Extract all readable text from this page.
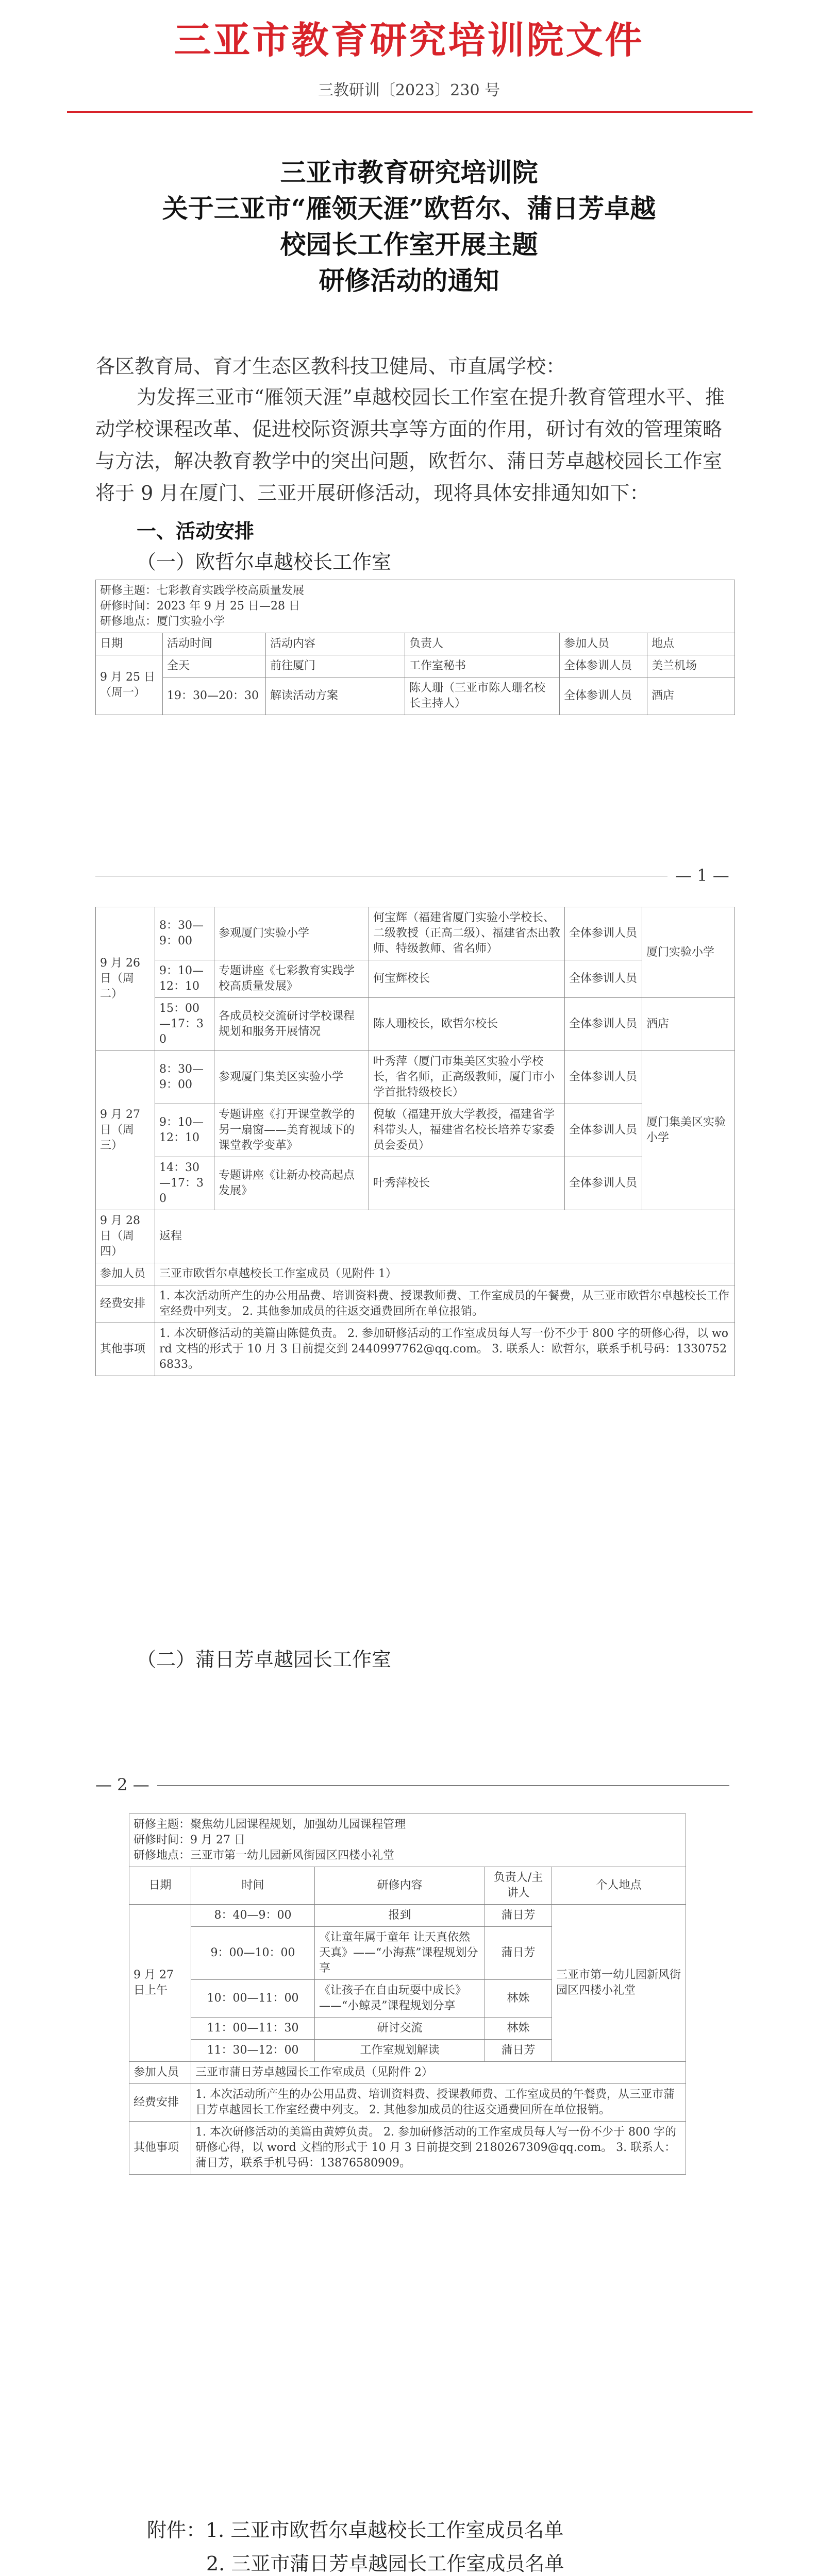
三亚市教育研究培训院文件
三教研训〔2023〕230 号
三亚市教育研究培训院
关于三亚市“雁领天涯”欧哲尔、蒲日芳卓越
校园长工作室开展主题
研修活动的通知
各区教育局、育才生态区教科技卫健局、市直属学校：
为发挥三亚市“雁领天涯”卓越校园长工作室在提升教育管理水平、推动学校课程改革、促进校际资源共享等方面的作用，研讨有效的管理策略与方法，解决教育教学中的突出问题，欧哲尔、蒲日芳卓越校园长工作室将于 9 月在厦门、三亚开展研修活动，现将具体安排通知如下：
一、活动安排
（一）欧哲尔卓越校长工作室
研修主题：七彩教育实践学校高质量发展
研修时间：2023 年 9 月 25 日—28 日
研修地点：厦门实验小学					

日期	活动时间	活动内容	负责人	参加人员	地点
9 月 25 日 （周一）	全天	前往厦门	工作室秘书	全体参训人员	美兰机场
	19：30—20：30	解读活动方案	陈人珊（三亚市陈人珊名校长主持人）	全体参训人员	酒店
— 1 —
9 月 26 日（周二）	8：30—9：00	参观厦门实验小学	何宝辉（福建省厦门实验小学校长、二级教授（正高二级）、福建省杰出教师、特级教师、省名师）	全体参训人员	厦门实验小学
	9：10—12：10	专题讲座《七彩教育实践学校高质量发展》	何宝辉校长	全体参训人员	
	15：00—17：30	各成员校交流研讨学校课程规划和服务开展情况	陈人珊校长，欧哲尔校长	全体参训人员	酒店
9 月 27 日（周三）	8：30—9：00	参观厦门集美区实验小学	叶秀萍（厦门市集美区实验小学校长，省名师，正高级教师，厦门市小学首批特级校长）	全体参训人员	厦门集美区实验小学
	9：10—12：10	专题讲座《打开课堂教学的另一扇窗——美育视域下的课堂教学变革》	倪敏（福建开放大学教授，福建省学科带头人，福建省名校长培养专家委员会委员）	全体参训人员	
	14：30—17：30	专题讲座《让新办校高起点发展》	叶秀萍校长	全体参训人员	
9 月 28 日（周四）	返程				
参加人员	三亚市欧哲尔卓越校长工作室成员（见附件 1）				
经费安排	1. 本次活动所产生的办公用品费、培训资料费、授课教师费、工作室成员的午餐费，从三亚市欧哲尔卓越校长工作室经费中列支。 2. 其他参加成员的往返交通费回所在单位报销。				
其他事项	1. 本次研修活动的美篇由陈健负责。 2. 参加研修活动的工作室成员每人写一份不少于 800 字的研修心得，以 word 文档的形式于 10 月 3 日前提交到 2440997762@qq.com。 3. 联系人：欧哲尔，联系手机号码：13307526833。				
（二）蒲日芳卓越园长工作室
— 2 —
研修主题：聚焦幼儿园课程规划，加强幼儿园课程管理
研修时间：9 月 27 日
研修地点：三亚市第一幼儿园新风街园区四楼小礼堂				

日期	时间	研修内容	负责人/主讲人	个人地点
9 月 27 日上午	8：40—9：00	报到	蒲日芳	三亚市第一幼儿园新风街园区四楼小礼堂
	9：00—10：00	《让童年属于童年 让天真依然天真》——“小海燕”课程规划分享	蒲日芳	
	10：00—11：00	《让孩子在自由玩耍中成长》——“小鲸灵”课程规划分享	林姝	
	11：00—11：30	研讨交流	林姝	
	11：30—12：00	工作室规划解读	蒲日芳	
参加人员	三亚市蒲日芳卓越园长工作室成员（见附件 2）			
经费安排	1. 本次活动所产生的办公用品费、培训资料费、授课教师费、工作室成员的午餐费，从三亚市蒲日芳卓越园长工作室经费中列支。 2. 其他参加成员的往返交通费回所在单位报销。			
其他事项	1. 本次研修活动的美篇由黄婷负责。 2. 参加研修活动的工作室成员每人写一份不少于 800 字的研修心得，以 word 文档的形式于 10 月 3 日前提交到 2180267309@qq.com。 3. 联系人：蒲日芳，联系手机号码：13876580909。			
附件：1. 三亚市欧哲尔卓越校长工作室成员名单
2. 三亚市蒲日芳卓越园长工作室成员名单
